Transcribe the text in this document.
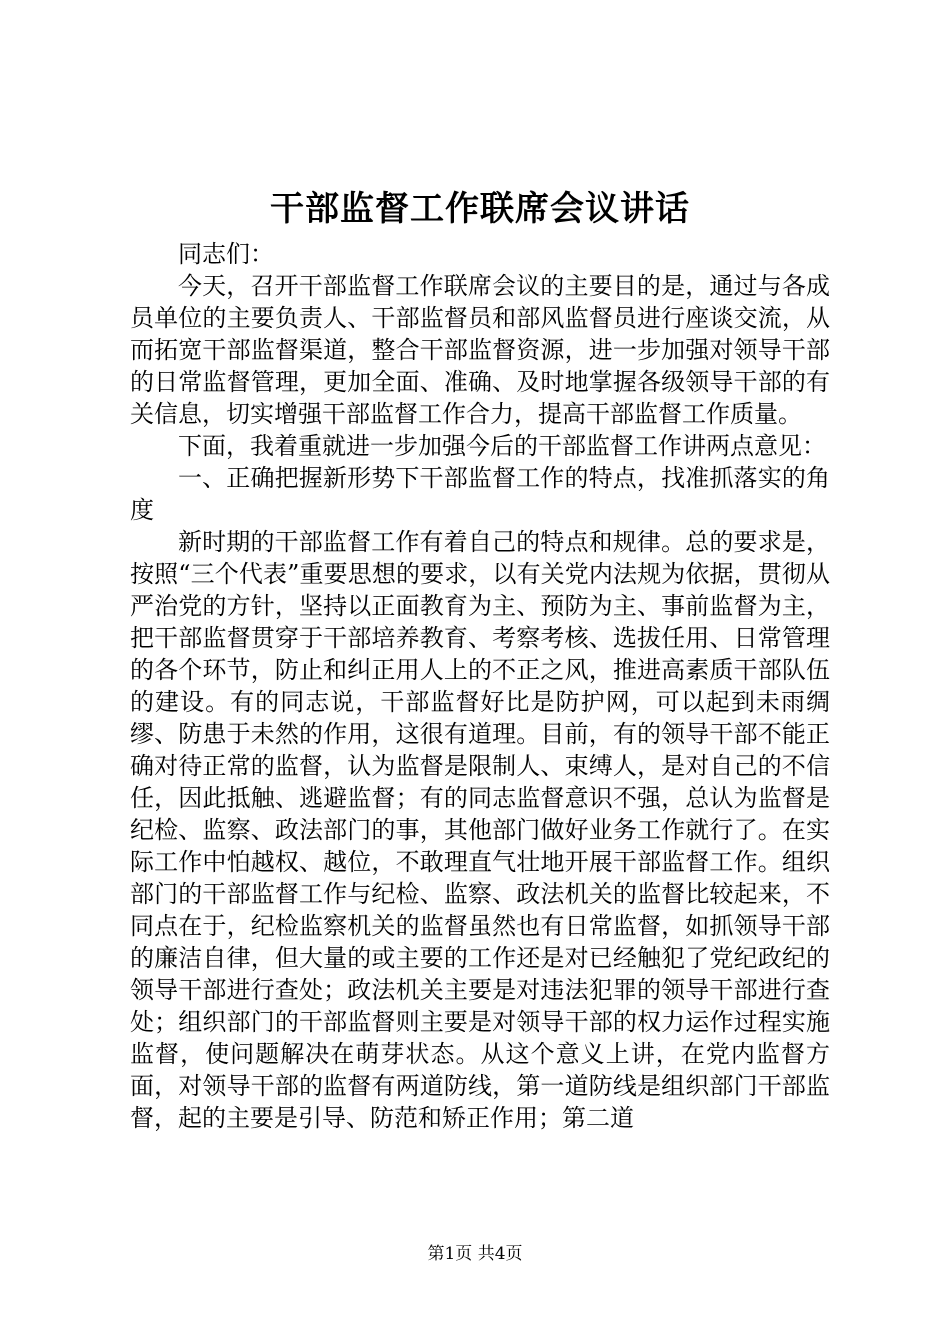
干部监督工作联席会议讲话

同志们：

今天，召开干部监督工作联席会议的主要目的是，通过与各成员单位的主要负责人、干部监督员和部风监督员进行座谈交流，从而拓宽干部监督渠道，整合干部监督资源，进一步加强对领导干部的日常监督管理，更加全面、准确、及时地掌握各级领导干部的有关信息，切实增强干部监督工作合力，提高干部监督工作质量。

下面，我着重就进一步加强今后的干部监督工作讲两点意见：

一、正确把握新形势下干部监督工作的特点，找准抓落实的角度

新时期的干部监督工作有着自己的特点和规律。总的要求是，按照“三个代表”重要思想的要求，以有关党内法规为依据，贯彻从严治党的方针，坚持以正面教育为主、预防为主、事前监督为主，把干部监督贯穿于干部培养教育、考察考核、选拔任用、日常管理的各个环节，防止和纠正用人上的不正之风，推进高素质干部队伍的建设。有的同志说，干部监督好比是防护网，可以起到未雨绸缪、防患于未然的作用，这很有道理。目前，有的领导干部不能正确对待正常的监督，认为监督是限制人、束缚人，是对自己的不信任，因此抵触、逃避监督；有的同志监督意识不强，总认为监督是纪检、监察、政法部门的事，其他部门做好业务工作就行了。在实际工作中怕越权、越位，不敢理直气壮地开展干部监督工作。组织部门的干部监督工作与纪检、监察、政法机关的监督比较起来，不同点在于，纪检监察机关的监督虽然也有日常监督，如抓领导干部的廉洁自律，但大量的或主要的工作还是对已经触犯了党纪政纪的领导干部进行查处；政法机关主要是对违法犯罪的领导干部进行查处；组织部门的干部监督则主要是对领导干部的权力运作过程实施监督，使问题解决在萌芽状态。从这个意义上讲，在党内监督方面，对领导干部的监督有两道防线，第一道防线是组织部门干部监督，起的主要是引导、防范和矫正作用；第二道

第1页 共4页
